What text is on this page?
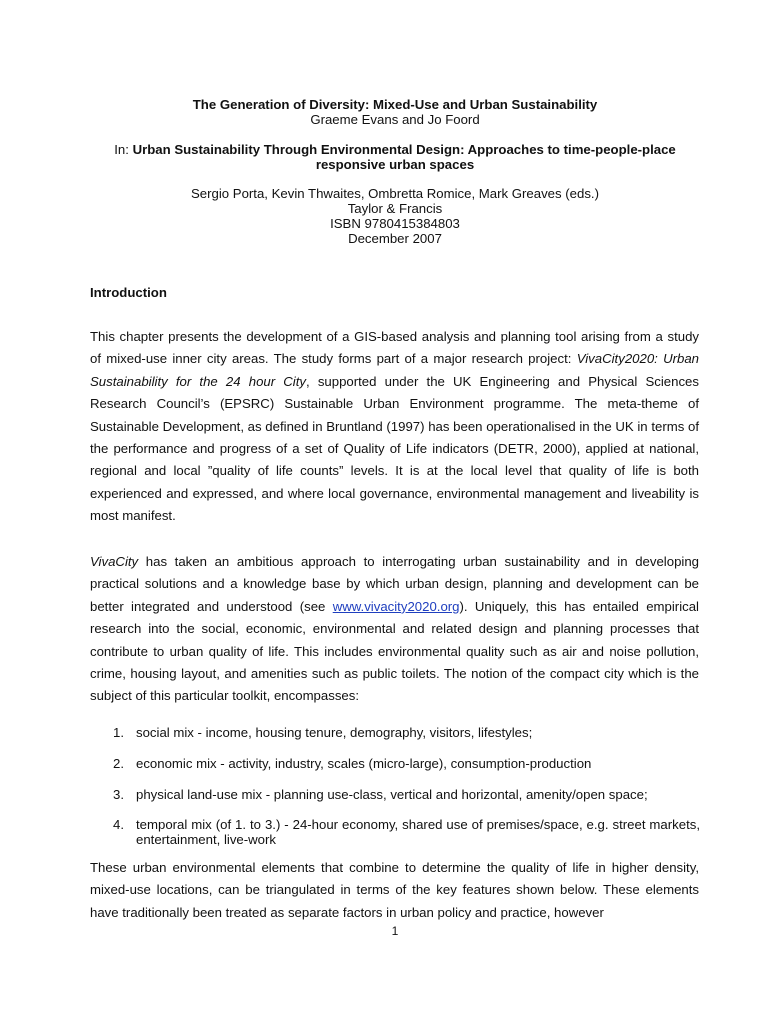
The Generation of Diversity: Mixed-Use and Urban Sustainability
Graeme Evans and Jo Foord
In: Urban Sustainability Through Environmental Design: Approaches to time-people-place responsive urban spaces
Sergio Porta, Kevin Thwaites, Ombretta Romice, Mark Greaves (eds.)
Taylor & Francis
ISBN 9780415384803
December 2007
Introduction
This chapter presents the development of a GIS-based analysis and planning tool arising from a study of mixed-use inner city areas. The study forms part of a major research project: VivaCity2020: Urban Sustainability for the 24 hour City, supported under the UK Engineering and Physical Sciences Research Council’s (EPSRC) Sustainable Urban Environment programme. The meta-theme of Sustainable Development, as defined in Bruntland (1997) has been operationalised in the UK in terms of the performance and progress of a set of Quality of Life indicators (DETR, 2000), applied at national, regional and local ”quality of life counts” levels. It is at the local level that quality of life is both experienced and expressed, and where local governance, environmental management and liveability is most manifest.
VivaCity has taken an ambitious approach to interrogating urban sustainability and in developing practical solutions and a knowledge base by which urban design, planning and development can be better integrated and understood (see www.vivacity2020.org). Uniquely, this has entailed empirical research into the social, economic, environmental and related design and planning processes that contribute to urban quality of life. This includes environmental quality such as air and noise pollution, crime, housing layout, and amenities such as public toilets. The notion of the compact city which is the subject of this particular toolkit, encompasses:
1. social mix - income, housing tenure, demography, visitors, lifestyles;
2. economic mix - activity, industry, scales (micro-large), consumption-production
3. physical land-use mix - planning use-class, vertical and horizontal, amenity/open space;
4. temporal mix (of 1. to 3.) - 24-hour economy, shared use of premises/space, e.g. street markets, entertainment, live-work
These urban environmental elements that combine to determine the quality of life in higher density, mixed-use locations, can be triangulated in terms of the key features shown below. These elements have traditionally been treated as separate factors in urban policy and practice, however
1
